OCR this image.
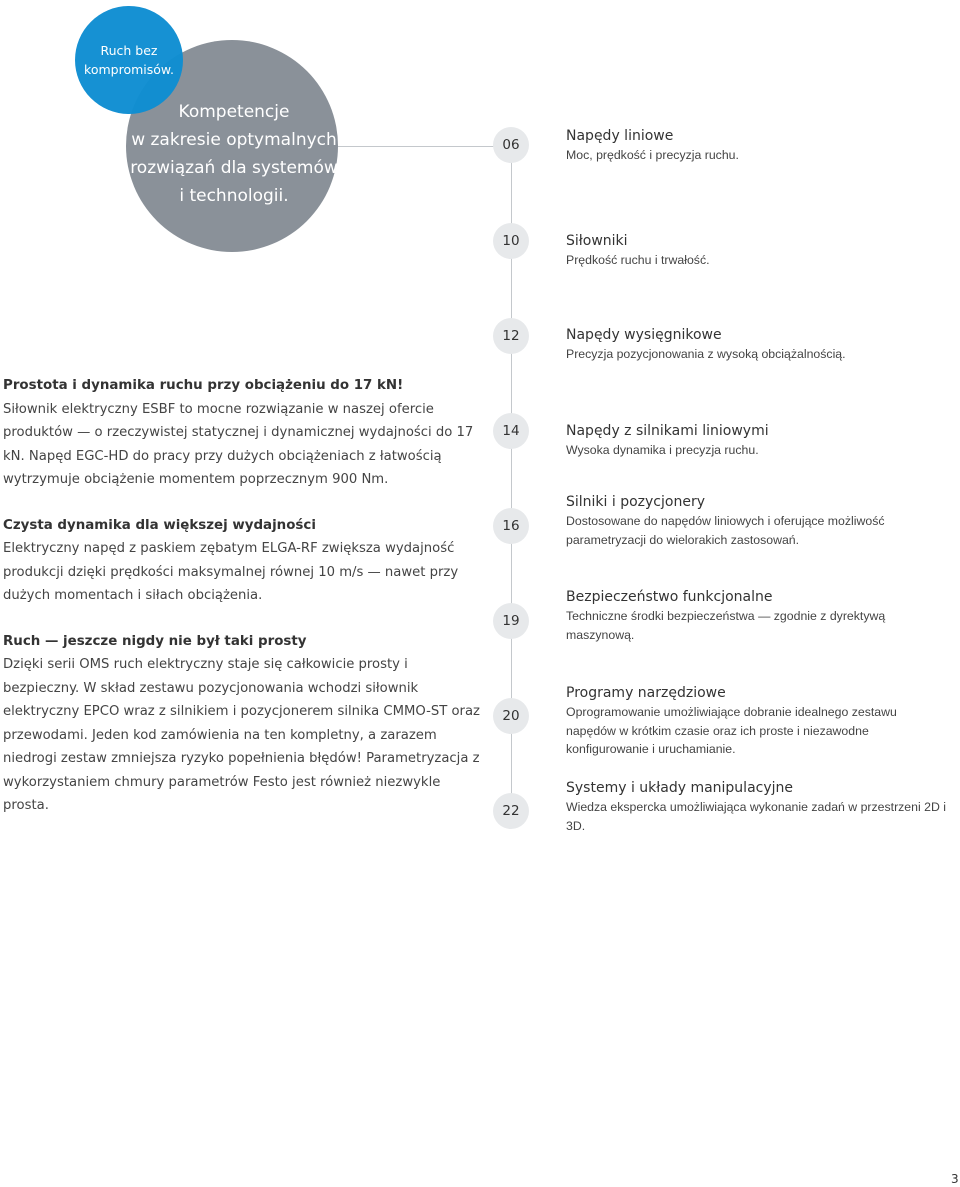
Kompetencje
w zakresie optymalnych
rozwiązań dla systemów
i technologii.
Ruch bez
kompromisów.
06
10
12
14
16
19
20
22
Napędy liniowe
Moc, prędkość i precyzja ruchu.
Siłowniki
Prędkość ruchu i trwałość.
Napędy wysięgnikowe
Precyzja pozycjonowania z wysoką obciążalnością.
Napędy z silnikami liniowymi
Wysoka dynamika i precyzja ruchu.
Silniki i pozycjonery
Dostosowane do napędów liniowych i oferujące możliwość parametryzacji do wielorakich zastosowań.
Bezpieczeństwo funkcjonalne
Techniczne środki bezpieczeństwa — zgodnie z dyrektywą maszynową.
Programy narzędziowe
Oprogramowanie umożliwiające dobranie idealnego zestawu napędów w krótkim czasie oraz ich proste i niezawodne konfigurowanie i uruchamianie.
Systemy i układy manipulacyjne
Wiedza ekspercka umożliwiająca wykonanie zadań w przestrzeni 2D i 3D.
Prostota i dynamika ruchu przy obciążeniu do 17 kN!
Siłownik elektryczny ESBF to mocne rozwiązanie w naszej ofercie produktów — o rzeczywistej statycznej i dynamicznej wydajności do 17 kN. Napęd EGC-HD do pracy przy dużych obciążeniach z łatwością wytrzymuje obciążenie momentem poprzecznym 900 Nm.
Czysta dynamika dla większej wydajności
Elektryczny napęd z paskiem zębatym ELGA-RF zwiększa wydajność produkcji dzięki prędkości maksymalnej równej 10 m/s — nawet przy dużych momentach i siłach obciążenia.
Ruch — jeszcze nigdy nie był taki prosty
Dzięki serii OMS ruch elektryczny staje się całkowicie prosty i bezpieczny. W skład zestawu pozycjonowania wchodzi siłownik elektryczny EPCO wraz z silnikiem i pozycjonerem silnika CMMO-ST oraz przewodami. Jeden kod zamówienia na ten kompletny, a zarazem niedrogi zestaw zmniejsza ryzyko popełnienia błędów! Parametryzacja z wykorzystaniem chmury parametrów Festo jest również niezwykle prosta.
3
